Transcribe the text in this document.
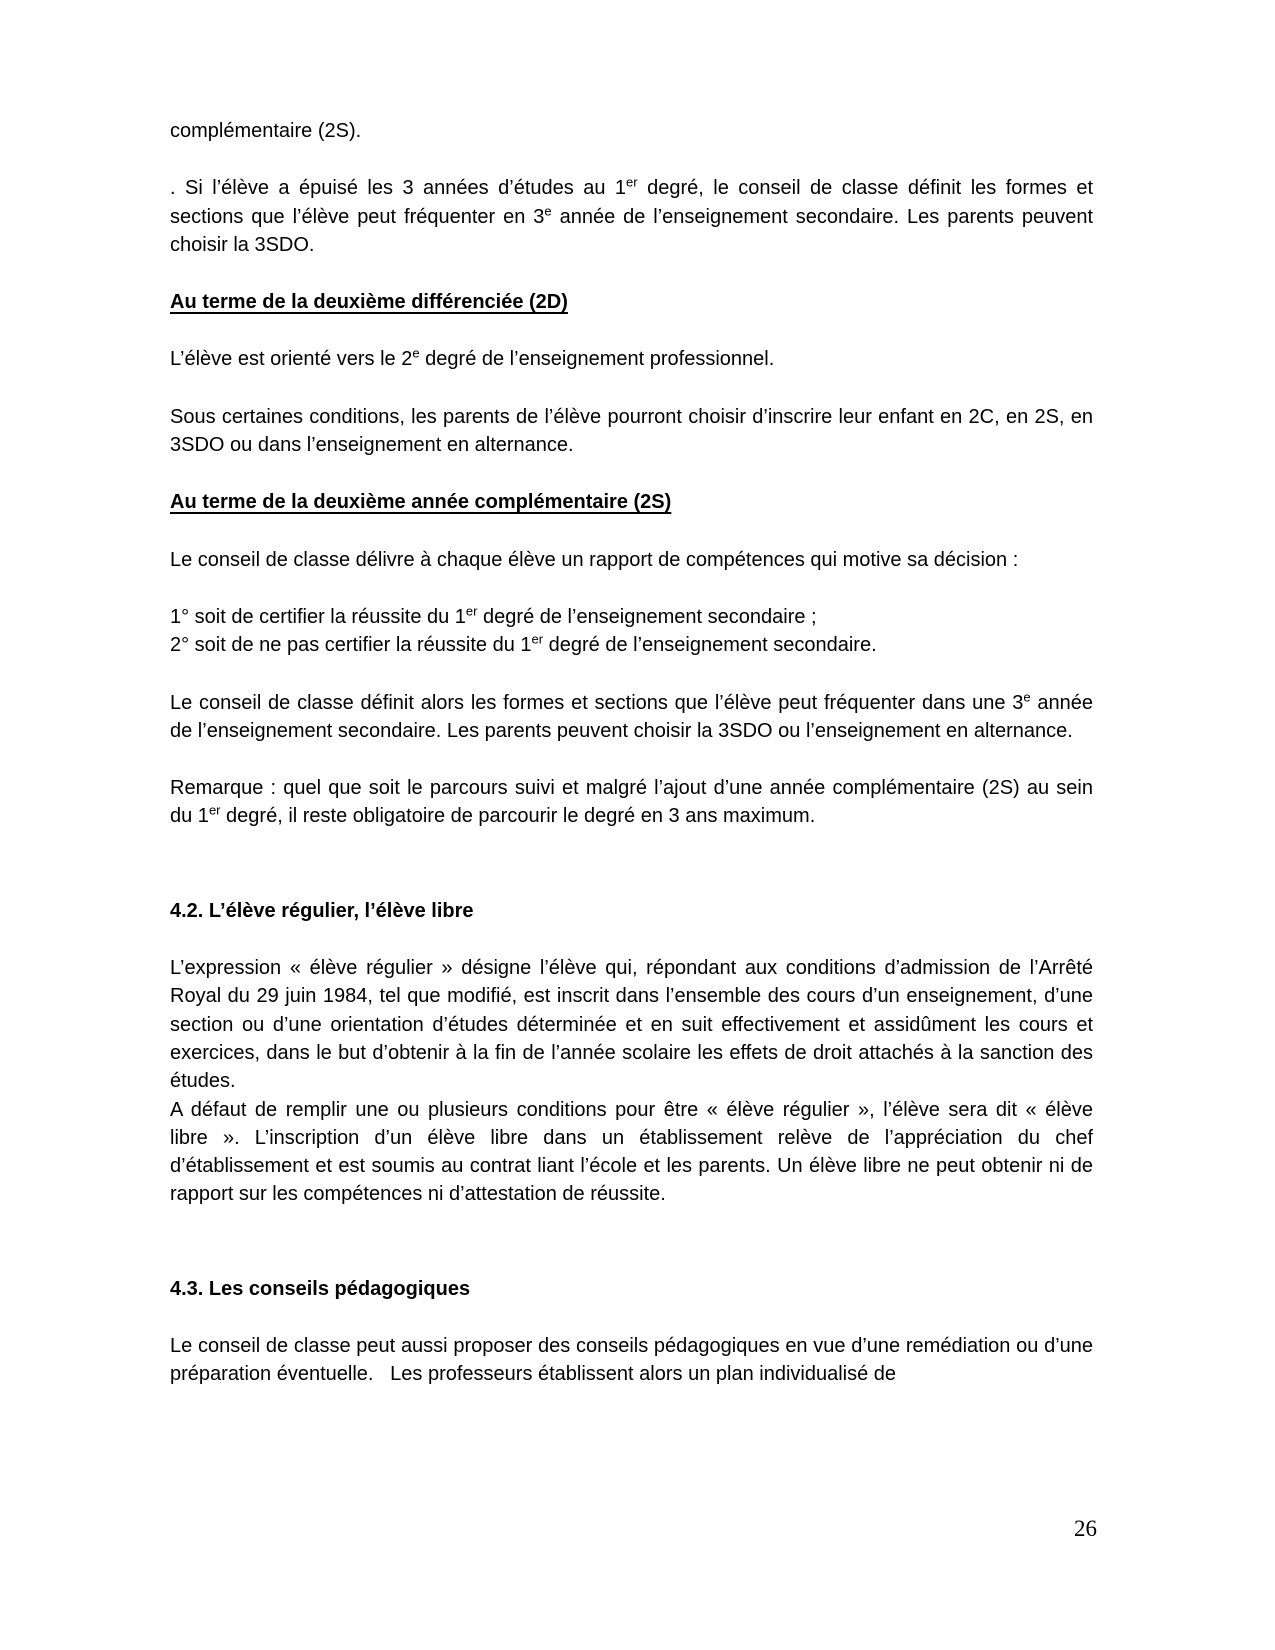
complémentaire (2S).

. Si l’élève a épuisé les 3 années d’études au 1er degré, le conseil de classe définit les formes et sections que l’élève peut fréquenter en 3e année de l’enseignement secondaire. Les parents peuvent choisir la 3SDO.

Au terme de la deuxième différenciée (2D)

L’élève est orienté vers le 2e degré de l’enseignement professionnel.

Sous certaines conditions, les parents de l’élève pourront choisir d’inscrire leur enfant en 2C, en 2S, en 3SDO ou dans l’enseignement en alternance.

Au terme de la deuxième année complémentaire (2S)

Le conseil de classe délivre à chaque élève un rapport de compétences qui motive sa décision :

1° soit de certifier la réussite du 1er degré de l’enseignement secondaire ;
2° soit de ne pas certifier la réussite du 1er degré de l’enseignement secondaire.

Le conseil de classe définit alors les formes et sections que l’élève peut fréquenter dans une 3e année de l’enseignement secondaire. Les parents peuvent choisir la 3SDO ou l’enseignement en alternance.

Remarque : quel que soit le parcours suivi et malgré l’ajout d’une année complémentaire (2S) au sein du 1er degré, il reste obligatoire de parcourir le degré en 3 ans maximum.

4.2. L’élève régulier, l’élève libre
L’expression « élève régulier » désigne l’élève qui, répondant aux conditions d’admission de l’Arrêté Royal du 29 juin 1984, tel que modifié, est inscrit dans l’ensemble des cours d’un enseignement, d’une section ou d’une orientation d’études déterminée et en suit effectivement et assidûment les cours et exercices, dans le but d’obtenir à la fin de l’année scolaire les effets de droit attachés à la sanction des études.
A défaut de remplir une ou plusieurs conditions pour être « élève régulier », l’élève sera dit « élève libre ». L’inscription d’un élève libre dans un établissement relève de l’appréciation du chef d’établissement et est soumis au contrat liant l’école et les parents. Un élève libre ne peut obtenir ni de rapport sur les compétences ni d’attestation de réussite.
4.3. Les conseils pédagogiques

Le conseil de classe peut aussi proposer des conseils pédagogiques en vue d’une remédiation ou d’une préparation éventuelle.   Les professeurs établissent alors un plan individualisé de

26
